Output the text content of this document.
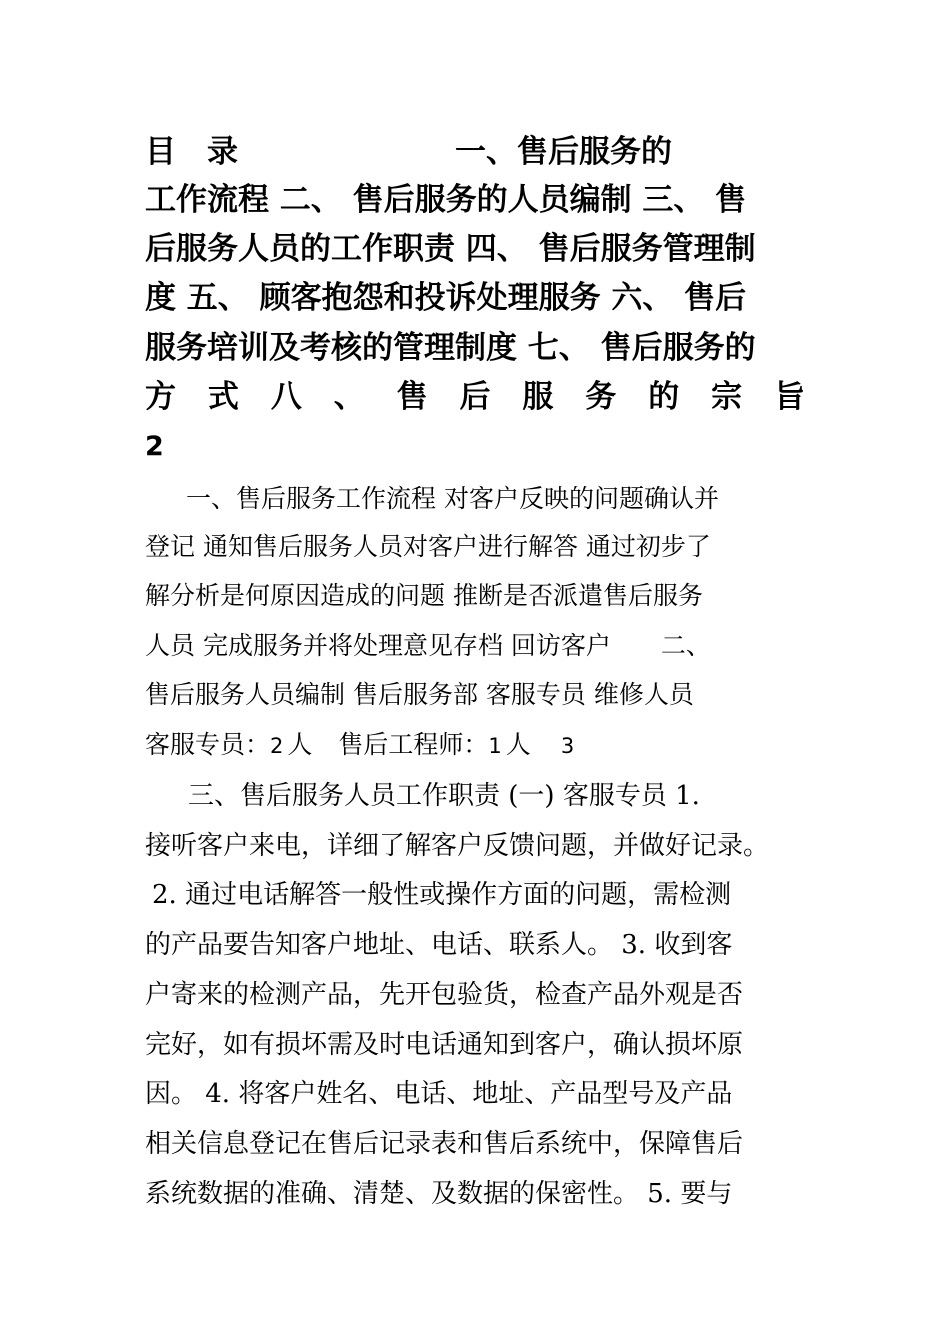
目　录　　　　　　　一、售后服务的
工作流程 二、 售后服务的人员编制 三、 售
后服务人员的工作职责 四、 售后服务管理制
度 五、 顾客抱怨和投诉处理服务 六、 售后
服务培训及考核的管理制度 七、 售后服务的
方 式 八 、 售 后 服 务 的 宗 旨
2
一、售后服务工作流程 对客户反映的问题确认并
登记 通知售后服务人员对客户进行解答 通过初步了
解分析是何原因造成的问题 推断是否派遣售后服务
人员 完成服务并将处理意见存档 回访客户　　二、
售后服务人员编制 售后服务部 客服专员 维修人员
客服专员：2 人 售后工程师：1 人 3
三、售后服务人员工作职责 (一) 客服专员 1.
接听客户来电，详细了解客户反馈问题，并做好记录。
2. 通过电话解答一般性或操作方面的问题，需检测
的产品要告知客户地址、电话、联系人。 3. 收到客
户寄来的检测产品，先开包验货，检查产品外观是否
完好，如有损坏需及时电话通知到客户，确认损坏原
因。 4. 将客户姓名、电话、地址、产品型号及产品
相关信息登记在售后记录表和售后系统中，保障售后
系统数据的准确、清楚、及数据的保密性。 5. 要与
